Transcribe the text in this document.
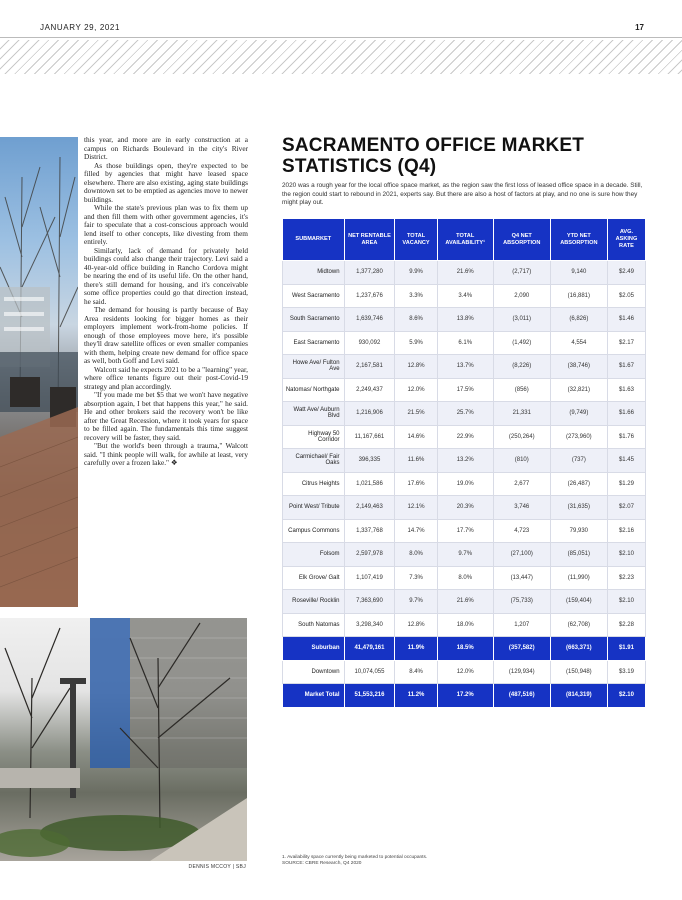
JANUARY 29, 2021	17

this year, and more are in early construction at a campus on Richards Boulevard in the city's River District.

As those buildings open, they're expected to be filled by agencies that might have leased space elsewhere. There are also existing, aging state buildings downtown set to be emptied as agencies move to newer buildings.

While the state's previous plan was to fix them up and then fill them with other government agencies, it's fair to speculate that a cost-conscious approach would lend itself to other concepts, like divesting from them entirely.

Similarly, lack of demand for privately held buildings could also change their trajectory. Levi said a 40-year-old office building in Rancho Cordova might be nearing the end of its useful life. On the other hand, there's still demand for housing, and it's conceivable some office properties could go that direction instead, he said.

The demand for housing is partly because of Bay Area residents looking for bigger homes as their employers implement work-from-home policies. If enough of those employees move here, it's possible they'll draw satellite offices or even smaller companies with them, helping create new demand for office space as well, both Goff and Levi said.

Walcott said he expects 2021 to be a "learning" year, where office tenants figure out their post-Covid-19 strategy and plan accordingly.

"If you made me bet $5 that we won't have negative absorption again, I bet that happens this year," he said. He and other brokers said the recovery won't be like after the Great Recession, where it took years for space to be filled again. The fundamentals this time suggest recovery will be faster, they said.

"But the world's been through a trauma," Walcott said. "I think people will walk, for awhile at least, very carefully over a frozen lake." ❖

DENNIS MCCOY | SBJ
SACRAMENTO OFFICE MARKET STATISTICS (Q4)
2020 was a rough year for the local office space market, as the region saw the first loss of leased office space in a decade. Still, the region could start to rebound in 2021, experts say. But there are also a host of factors at play, and no one is sure how they might play out.
SUBMARKET	NET RENTABLE AREA	TOTAL VACANCY	TOTAL AVAILABILITY¹	Q4 NET ABSORPTION	YTD NET ABSORPTION	AVG. ASKING RATE
Midtown	1,377,280	9.9%	21.6%	(2,717)	9,140	$2.49
West Sacramento	1,237,676	3.3%	3.4%	2,090	(16,881)	$2.05
South Sacramento	1,639,746	8.6%	13.8%	(3,011)	(6,826)	$1.46
East Sacramento	930,092	5.9%	6.1%	(1,492)	4,554	$2.17
Howe Ave/ Fulton Ave	2,167,581	12.8%	13.7%	(8,226)	(38,746)	$1.67
Natomas/ Northgate	2,249,437	12.0%	17.5%	(856)	(32,821)	$1.63
Watt Ave/ Auburn Blvd	1,216,906	21.5%	25.7%	21,331	(9,749)	$1.66
Highway 50 Corridor	11,167,661	14.6%	22.9%	(250,264)	(273,960)	$1.76
Carmichael/ Fair Oaks	396,335	11.6%	13.2%	(810)	(737)	$1.45
Citrus Heights	1,021,586	17.6%	19.0%	2,677	(26,487)	$1.29
Point West/ Tribute	2,149,463	12.1%	20.3%	3,746	(31,635)	$2.07
Campus Commons	1,337,768	14.7%	17.7%	4,723	79,930	$2.16
Folsom	2,597,978	8.0%	9.7%	(27,100)	(85,051)	$2.10
Elk Grove/ Galt	1,107,419	7.3%	8.0%	(13,447)	(11,990)	$2.23
Roseville/ Rocklin	7,363,690	9.7%	21.6%	(75,733)	(159,404)	$2.10
South Natomas	3,298,340	12.8%	18.0%	1,207	(62,708)	$2.28
Suburban	41,479,161	11.9%	18.5%	(357,582)	(663,371)	$1.91
Downtown	10,074,055	8.4%	12.0%	(129,934)	(150,948)	$3.19
Market Total	51,553,216	11.2%	17.2%	(487,516)	(814,319)	$2.10
1. Availability space currently being marketed to potential occupants.
SOURCE: CBRE Research, Q4 2020
